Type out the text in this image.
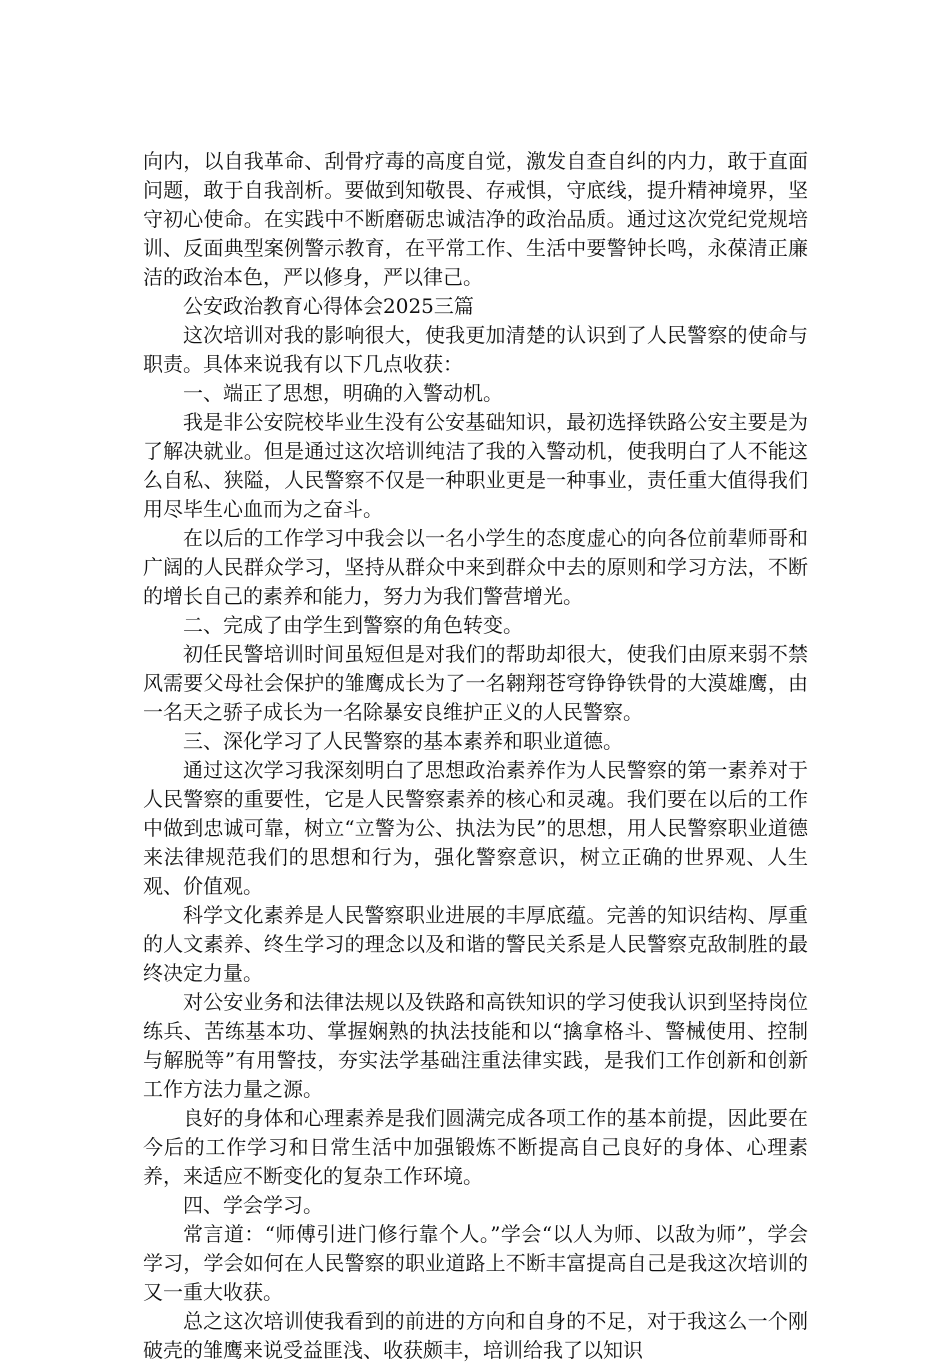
向内，以自我革命、刮骨疗毒的高度自觉，激发自查自纠的内力，敢于直面问题，敢于自我剖析。要做到知敬畏、存戒惧，守底线，提升精神境界，坚守初心使命。在实践中不断磨砺忠诚洁净的政治品质。通过这次党纪党规培训、反面典型案例警示教育，在平常工作、生活中要警钟长鸣，永葆清正廉洁的政治本色，严以修身，严以律己。

公安政治教育心得体会2025三篇

这次培训对我的影响很大，使我更加清楚的认识到了人民警察的使命与职责。具体来说我有以下几点收获：

一、端正了思想，明确的入警动机。

我是非公安院校毕业生没有公安基础知识，最初选择铁路公安主要是为了解决就业。但是通过这次培训纯洁了我的入警动机，使我明白了人不能这么自私、狭隘，人民警察不仅是一种职业更是一种事业，责任重大值得我们用尽毕生心血而为之奋斗。

在以后的工作学习中我会以一名小学生的态度虚心的向各位前辈师哥和广阔的人民群众学习，坚持从群众中来到群众中去的原则和学习方法，不断的增长自己的素养和能力，努力为我们警营增光。

二、完成了由学生到警察的角色转变。

初任民警培训时间虽短但是对我们的帮助却很大，使我们由原来弱不禁风需要父母社会保护的雏鹰成长为了一名翱翔苍穹铮铮铁骨的大漠雄鹰，由一名天之骄子成长为一名除暴安良维护正义的人民警察。

三、深化学习了人民警察的基本素养和职业道德。

通过这次学习我深刻明白了思想政治素养作为人民警察的第一素养对于人民警察的重要性，它是人民警察素养的核心和灵魂。我们要在以后的工作中做到忠诚可靠，树立“立警为公、执法为民”的思想，用人民警察职业道德来法律规范我们的思想和行为，强化警察意识，树立正确的世界观、人生观、价值观。

科学文化素养是人民警察职业进展的丰厚底蕴。完善的知识结构、厚重的人文素养、终生学习的理念以及和谐的警民关系是人民警察克敌制胜的最终决定力量。

对公安业务和法律法规以及铁路和高铁知识的学习使我认识到坚持岗位练兵、苦练基本功、掌握娴熟的执法技能和以“擒拿格斗、警械使用、控制与解脱等”有用警技，夯实法学基础注重法律实践，是我们工作创新和创新工作方法力量之源。

良好的身体和心理素养是我们圆满完成各项工作的基本前提，因此要在今后的工作学习和日常生活中加强锻炼不断提高自己良好的身体、心理素养，来适应不断变化的复杂工作环境。

四、学会学习。

常言道：“师傅引进门修行靠个人。”学会“以人为师、以敌为师”，学会学习，学会如何在人民警察的职业道路上不断丰富提高自己是我这次培训的又一重大收获。

总之这次培训使我看到的前进的方向和自身的不足，对于我这么一个刚破壳的雏鹰来说受益匪浅、收获颇丰，培训给我了以知识
